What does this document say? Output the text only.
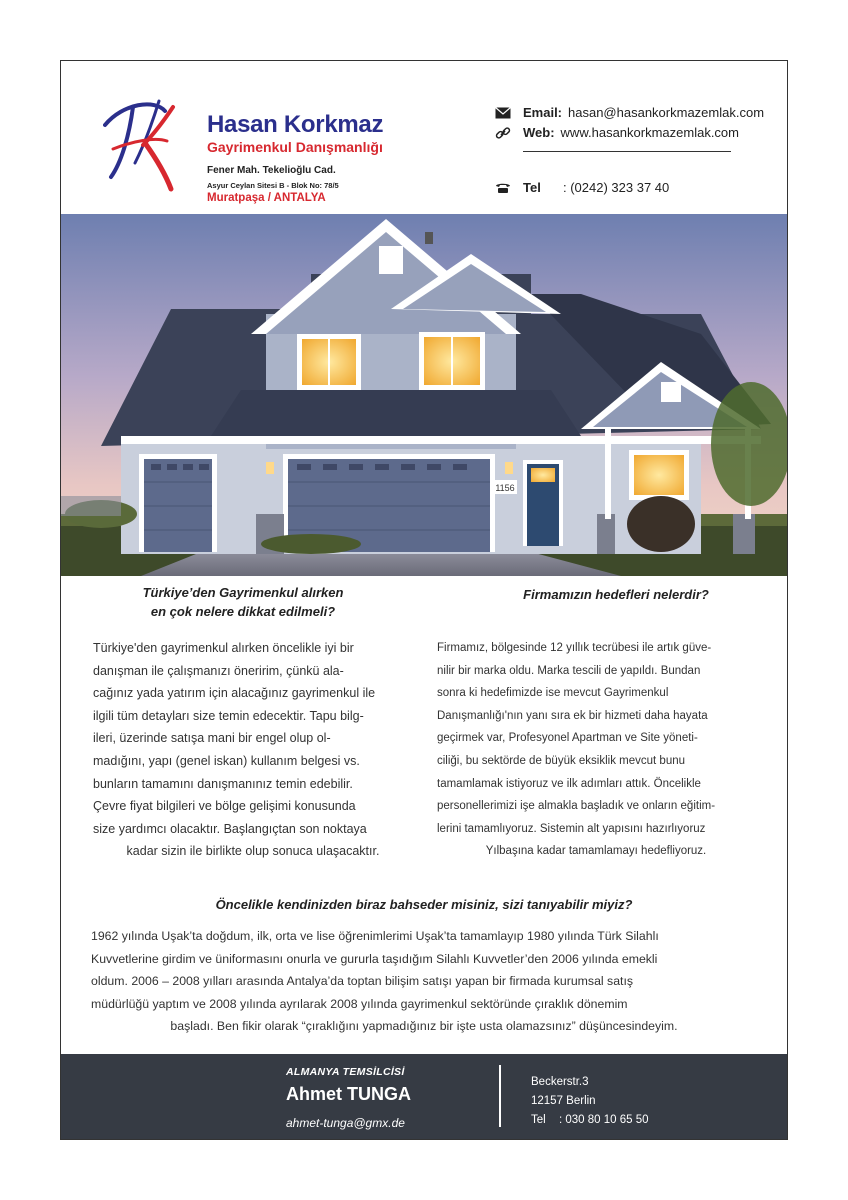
Hasan Korkmaz
Gayrimenkul Danışmanlığı
Fener Mah. Tekelioğlu Cad.
Asyur Ceylan Sitesi B - Blok No: 78/5
Muratpaşa / ANTALYA
Email: hasan@hasankorkmazemlak.com
Web: www.hasankorkmazemlak.com
Tel	: (0242) 323 37 40
1156
Türkiye’den Gayrimenkul alırken
en çok nelere dikkat edilmeli?

Türkiye'den gayrimenkul alırken öncelikle iyi bir

danışman ile çalışmanızı öneririm, çünkü ala-

cağınız yada yatırım için alacağınız gayrimenkul ile

ilgili tüm detayları size temin edecektir. Tapu bilg-

ileri, üzerinde satışa mani bir engel olup ol-

madığını, yapı (genel iskan) kullanım belgesi vs.

bunların tamamını danışmanınız temin edebilir.

Çevre fiyat bilgileri ve bölge gelişimi konusunda

size yardımcı olacaktır. Başlangıçtan son noktaya

kadar sizin ile birlikte olup sonuca ulaşacaktır.

Firmamızın hedefleri nelerdir?

Firmamız, bölgesinde 12 yıllık tecrübesi ile artık güve-

nilir bir marka oldu. Marka tescili de yapıldı. Bundan

sonra ki hedefimizde ise mevcut Gayrimenkul

Danışmanlığı'nın yanı sıra ek bir hizmeti daha hayata

geçirmek var, Profesyonel Apartman ve Site yöneti-

ciliği, bu sektörde de büyük eksiklik mevcut bunu

tamamlamak istiyoruz ve ilk adımları attık. Öncelikle

personellerimizi işe almakla başladık ve onların eğitim-

lerini tamamlıyoruz. Sistemin alt yapısını hazırlıyoruz

Yılbaşına kadar tamamlamayı hedefliyoruz.

Öncelikle kendinizden biraz bahseder misiniz, sizi tanıyabilir miyiz?

1962 yılında Uşak’ta doğdum, ilk, orta ve lise öğrenimlerimi Uşak’ta tamamlayıp 1980 yılında Türk Silahlı

Kuvvetlerine girdim ve üniformasını onurla ve gururla taşıdığım Silahlı Kuvvetler’den 2006 yılında emekli

oldum. 2006 – 2008 yılları arasında Antalya’da toptan bilişim satışı yapan bir firmada kurumsal satış

müdürlüğü yaptım ve 2008 yılında ayrılarak 2008 yılında gayrimenkul sektöründe çıraklık dönemim

başladı. Ben fikir olarak “çıraklığını yapmadığınız bir işte usta olamazsınız” düşüncesindeyim.

ALMANYA TEMSİLCİSİ
Ahmet TUNGA
ahmet-tunga@gmx.de
Beckerstr.3
12157 Berlin
Tel : 030 80 10 65 50
